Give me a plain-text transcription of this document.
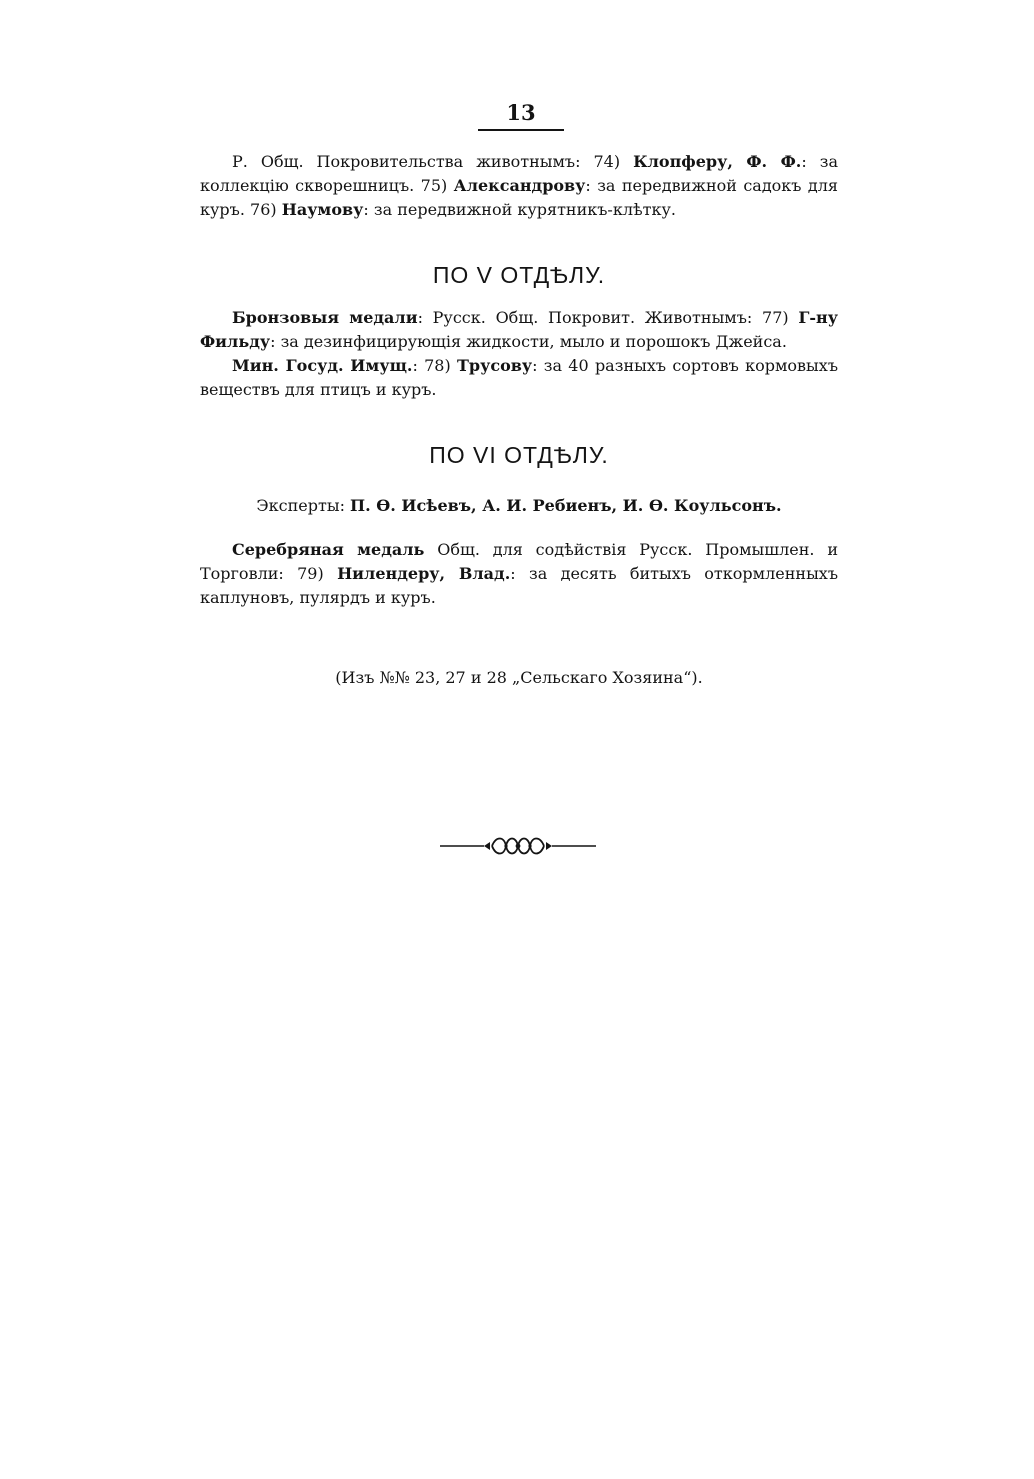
13

Р. Общ. Покровительства животнымъ: 74) Клопферу, Ф. Ф.: за коллекцію скворешницъ. 75) Александрову: за передвижной садокъ для куръ. 76) Наумову: за передвижной курятникъ-клѣтку.

ПО V ОТДѢЛУ.

Бронзовыя медали: Русск. Общ. Покровит. Животнымъ: 77) Г-ну Фильду: за дезинфицирующія жидкости, мыло и порошокъ Джейса.

Мин. Госуд. Имущ.: 78) Трусову: за 40 разныхъ сортовъ кормовыхъ веществъ для птицъ и куръ.

ПО VI ОТДѢЛУ.
Эксперты: П. Ѳ. Исѣевъ, А. И. Ребиенъ, И. Ѳ. Коульсонъ.

Серебряная медаль Общ. для содѣйствія Русск. Промышлен. и Торговли: 79) Нилендеру, Влад.: за десять битыхъ откормленныхъ каплуновъ, пулярдъ и куръ.

(Изъ №№ 23, 27 и 28 „Сельскаго Хозяина“).
